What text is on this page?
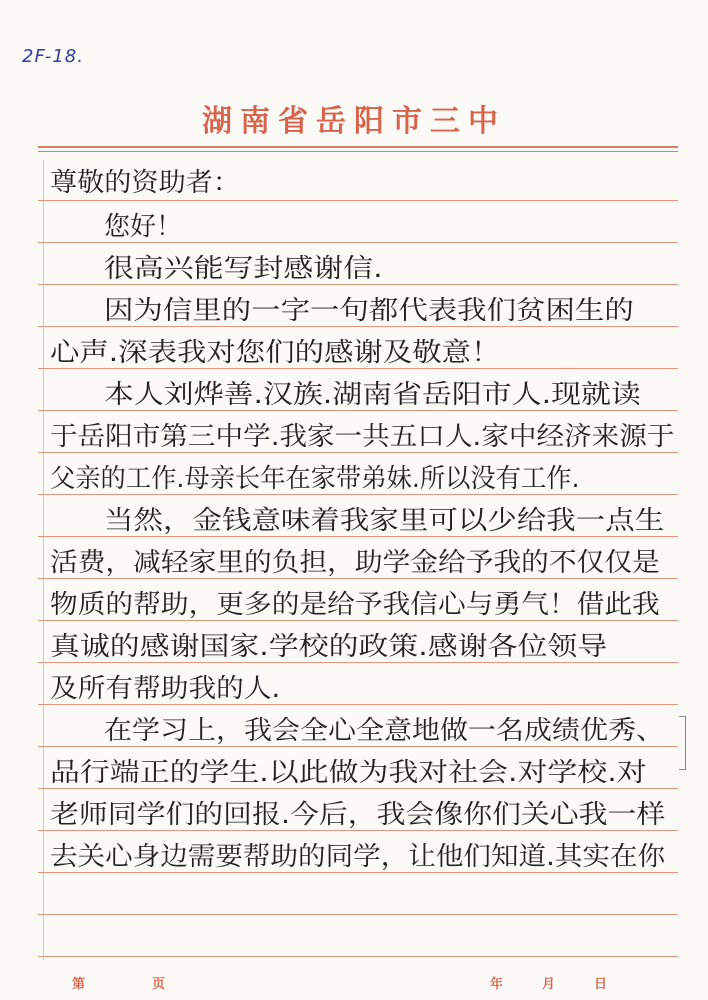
2F-18.
湖南省岳阳市三中
尊敬的资助者：
您好！
很高兴能写封感谢信.
因为信里的一字一句都代表我们贫困生的
心声.深表我对您们的感谢及敬意！
本人刘烨善.汉族.湖南省岳阳市人.现就读
于岳阳市第三中学.我家一共五口人.家中经济来源于
父亲的工作.母亲长年在家带弟妹.所以没有工作.
当然，金钱意味着我家里可以少给我一点生
活费，减轻家里的负担，助学金给予我的不仅仅是
物质的帮助，更多的是给予我信心与勇气！借此我
真诚的感谢国家.学校的政策.感谢各位领导
及所有帮助我的人.
在学习上，我会全心全意地做一名成绩优秀、
品行端正的学生.以此做为我对社会.对学校.对
老师同学们的回报.今后，我会像你们关心我一样
去关心身边需要帮助的同学，让他们知道.其实在你
第	页	年	月	日
